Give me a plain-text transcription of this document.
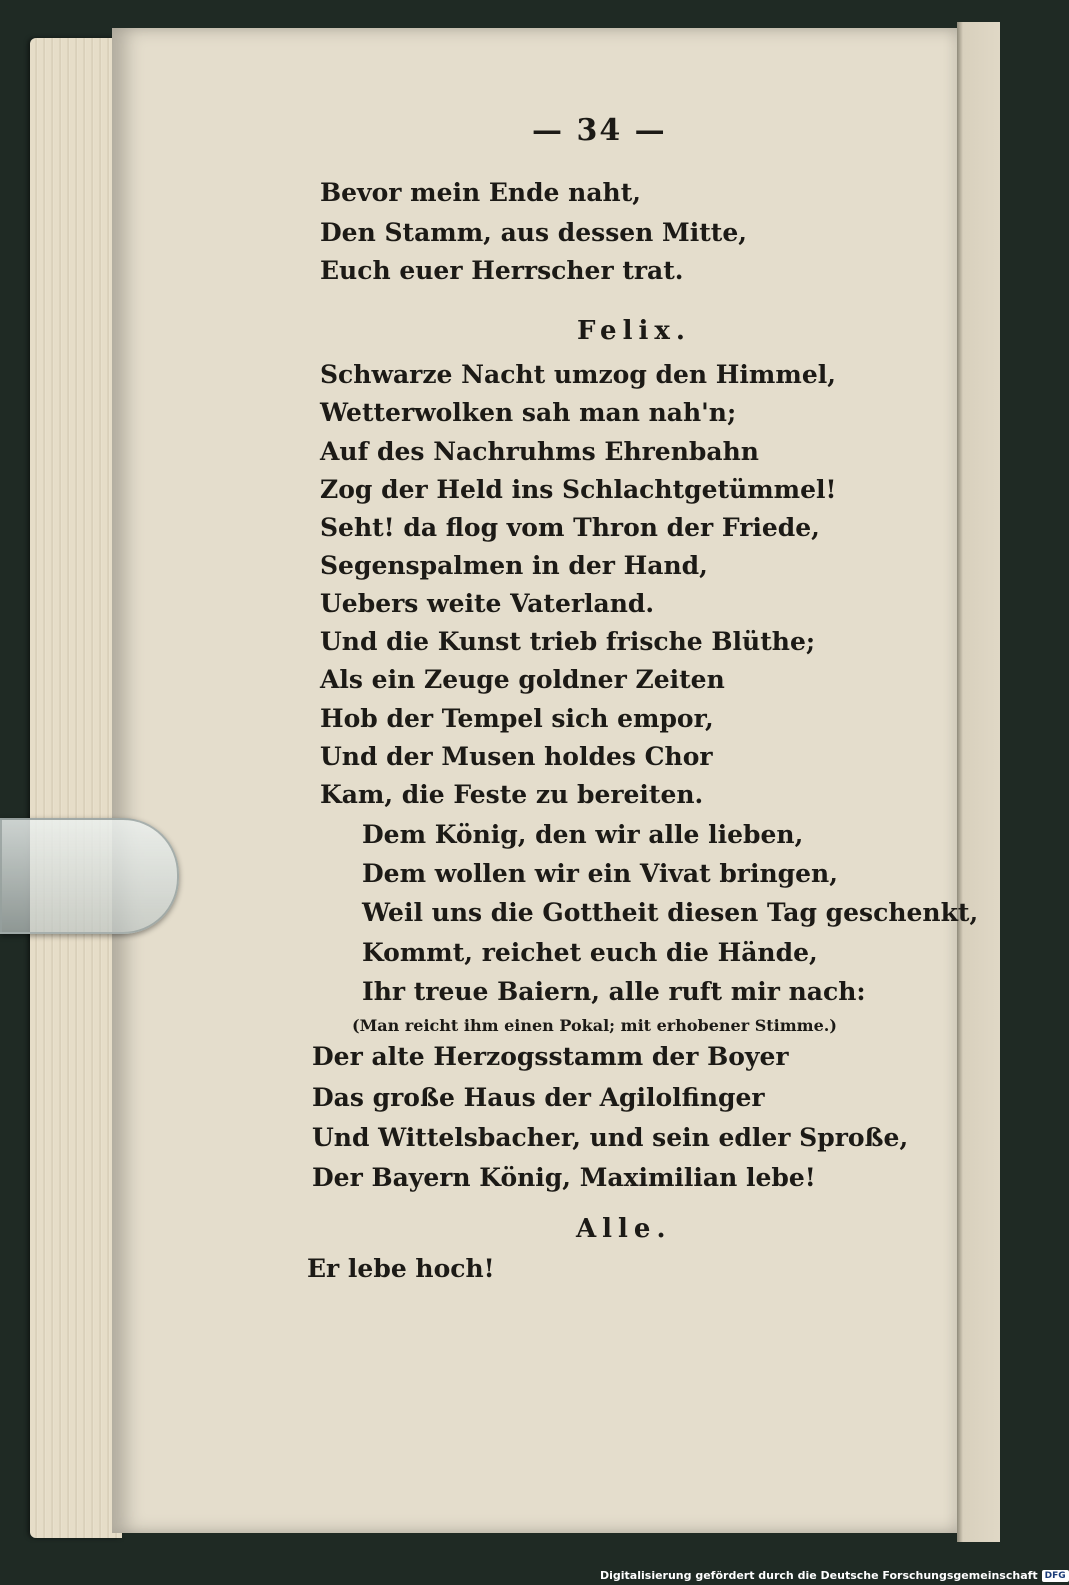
— 34 —
Bevor mein Ende naht,
Den Stamm, aus dessen Mitte,
Euch euer Herrscher trat.
Felix.
Schwarze Nacht umzog den Himmel,
Wetterwolken sah man nah'n;
Auf des Nachruhms Ehrenbahn
Zog der Held ins Schlachtgetümmel!
Seht! da flog vom Thron der Friede,
Segenspalmen in der Hand,
Uebers weite Vaterland.
Und die Kunst trieb frische Blüthe;
Als ein Zeuge goldner Zeiten
Hob der Tempel sich empor,
Und der Musen holdes Chor
Kam, die Feste zu bereiten.
Dem König, den wir alle lieben,
Dem wollen wir ein Vivat bringen,
Weil uns die Gottheit diesen Tag geschenkt,
Kommt, reichet euch die Hände,
Ihr treue Baiern, alle ruft mir nach:
(Man reicht ihm einen Pokal; mit erhobener Stimme.)
Der alte Herzogsstamm der Boyer
Das große Haus der Agilolfinger
Und Wittelsbacher, und sein edler Sproße,
Der Bayern König, Maximilian lebe!
Alle.
Er lebe hoch!
Digitalisierung gefördert durch die Deutsche Forschungsgemeinschaft DFG
